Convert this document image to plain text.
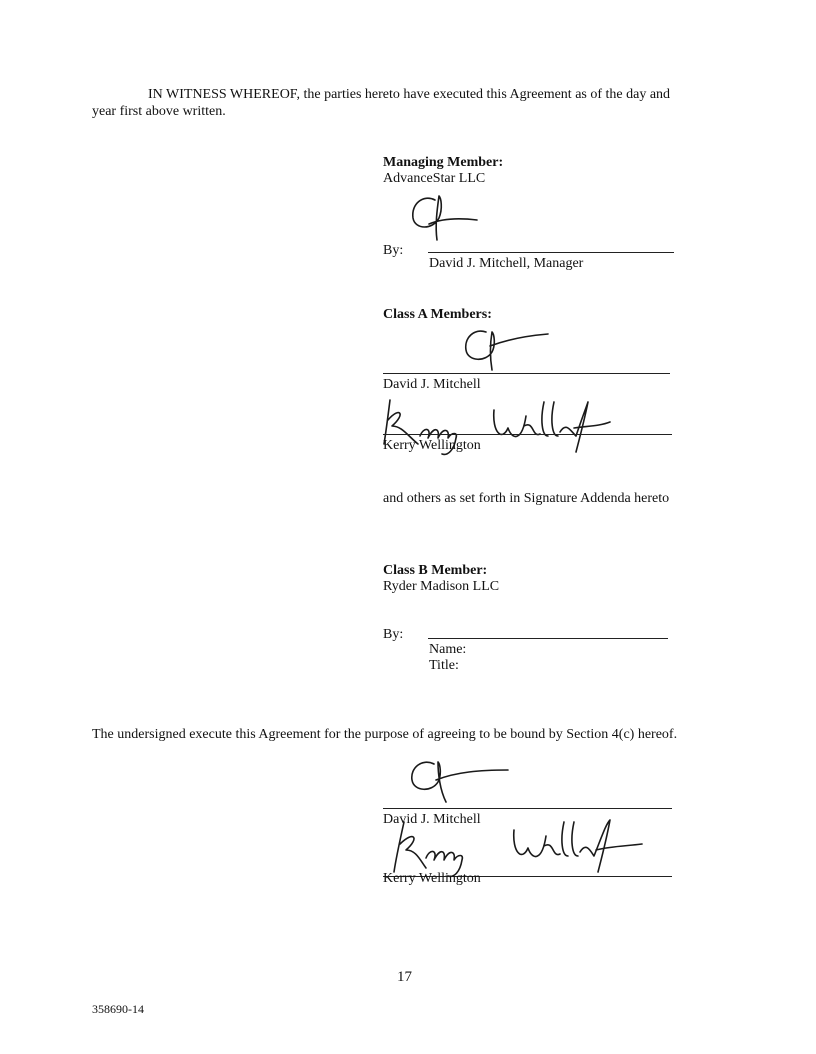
IN WITNESS WHEREOF, the parties hereto have executed this Agreement as of the day and
year first above written.
Managing Member:
AdvanceStar LLC
By:
David J. Mitchell, Manager
Class A Members:
David J. Mitchell
Kerry Wellington
and others as set forth in Signature Addenda hereto
Class B Member:
Ryder Madison LLC
By:
Name:
Title:
The undersigned execute this Agreement for the purpose of agreeing to be bound by Section 4(c) hereof.
David J. Mitchell
Kerry Wellington
17
358690-14
